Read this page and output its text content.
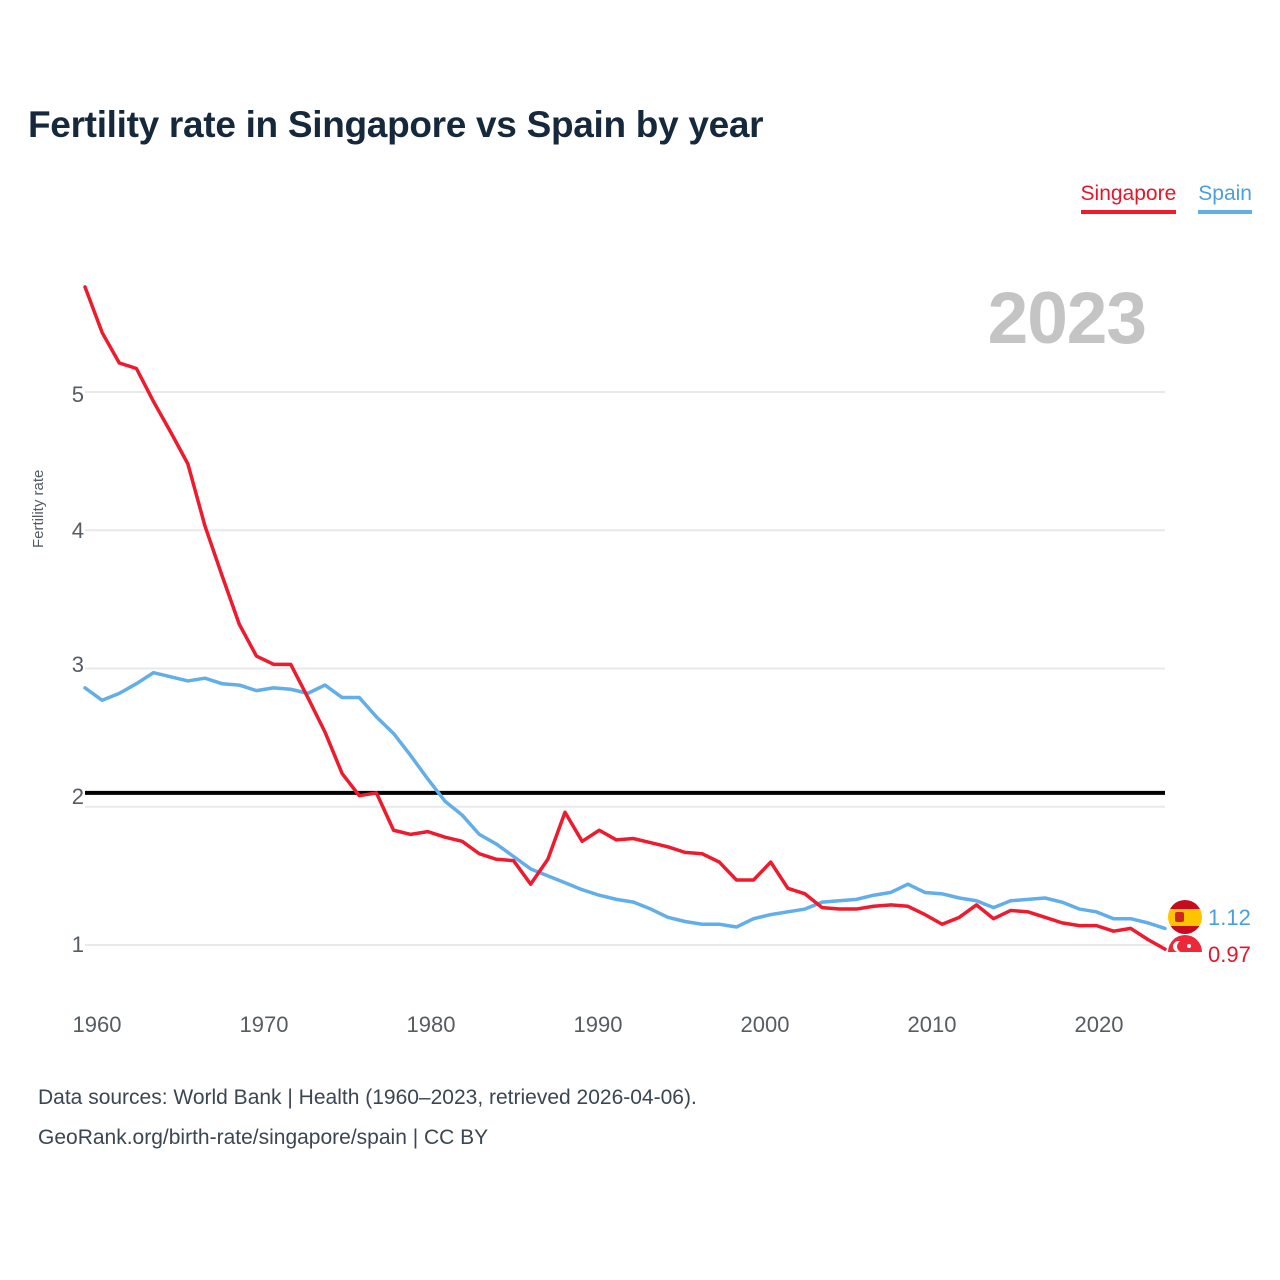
Fertility rate in Singapore vs Spain by year
Singapore Spain
2023
Fertility rate
1
2
3
4
5
1960	1970	1980	1990	2000	2010	2020
1.12
0.97
Data sources: World Bank | Health (1960–2023, retrieved 2026-04-06).
GeoRank.org/birth-rate/singapore/spain | CC BY
